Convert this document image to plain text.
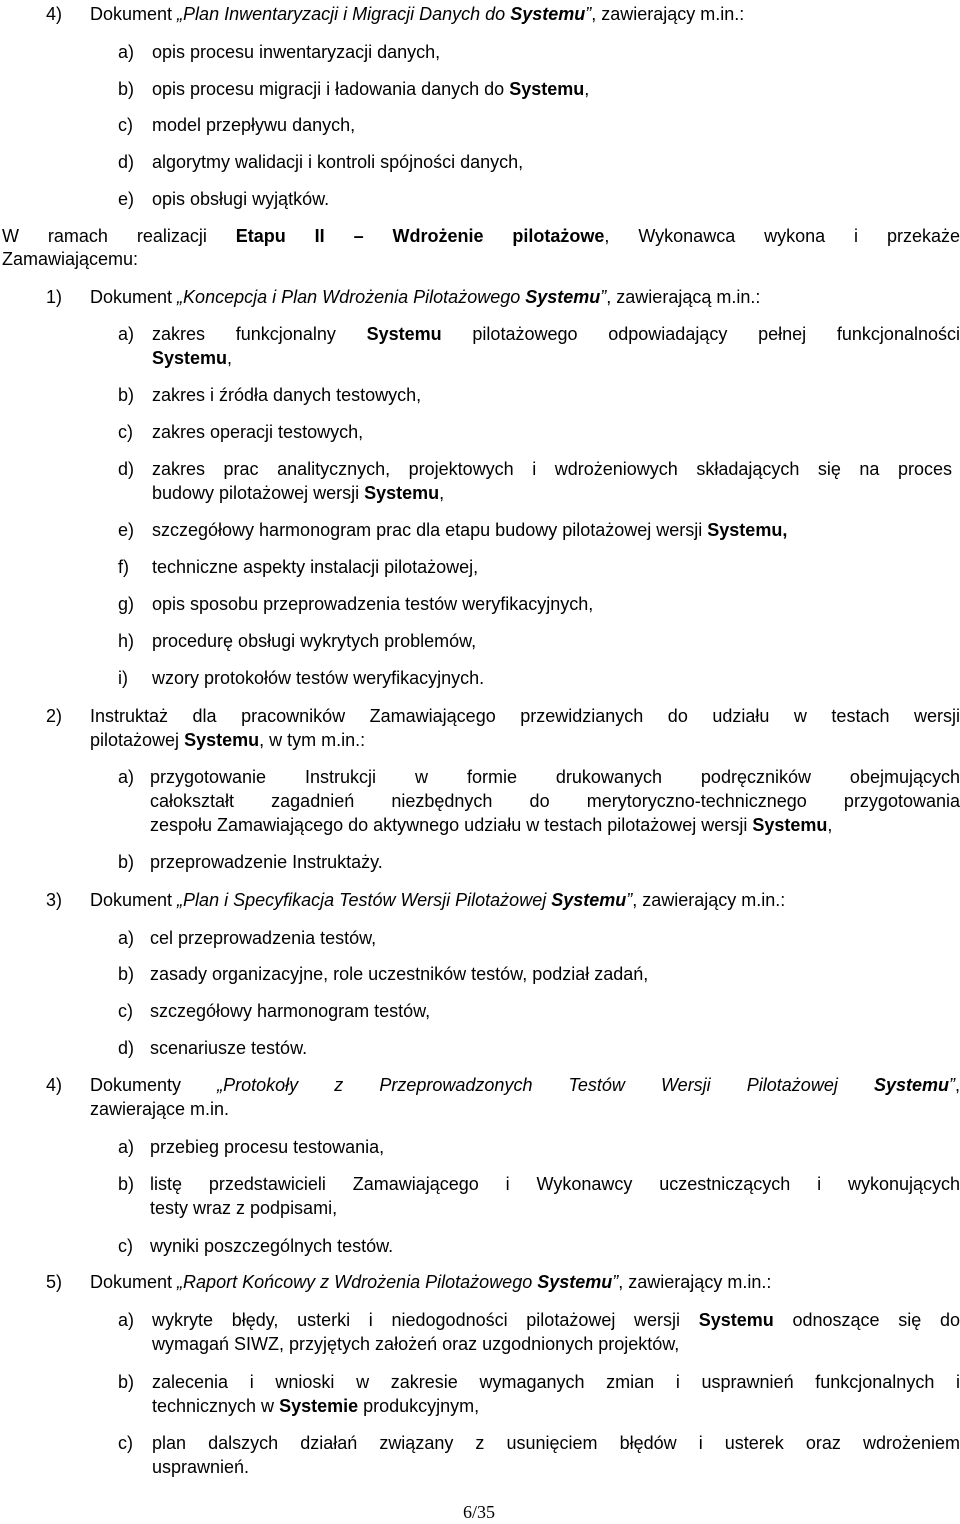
4) Dokument „Plan Inwentaryzacji i Migracji Danych do Systemu”, zawierający m.in.:
a) opis procesu inwentaryzacji danych,
b) opis procesu migracji i ładowania danych do Systemu,
c) model przepływu danych,
d) algorytmy walidacji i kontroli spójności danych,
e) opis obsługi wyjątków.
W ramach realizacji Etapu II – Wdrożenie pilotażowe, Wykonawca wykona i przekaże
Zamawiającemu:
1) Dokument „Koncepcja i Plan Wdrożenia Pilotażowego Systemu”, zawierającą m.in.:
a) zakres funkcjonalny Systemu pilotażowego odpowiadający pełnej funkcjonalności
Systemu,
b) zakres i źródła danych testowych,
c) zakres operacji testowych,
d) zakres prac analitycznych, projektowych i wdrożeniowych składających się na proces
budowy pilotażowej wersji Systemu,
e) szczegółowy harmonogram prac dla etapu budowy pilotażowej wersji Systemu,
f) techniczne aspekty instalacji pilotażowej,
g) opis sposobu przeprowadzenia testów weryfikacyjnych,
h) procedurę obsługi wykrytych problemów,
i) wzory protokołów testów weryfikacyjnych.
2) Instruktaż dla pracowników Zamawiającego przewidzianych do udziału w testach wersji
pilotażowej Systemu, w tym m.in.:
a) przygotowanie Instrukcji w formie drukowanych podręczników obejmujących
całokształt zagadnień niezbędnych do merytoryczno-technicznego przygotowania
zespołu Zamawiającego do aktywnego udziału w testach pilotażowej wersji Systemu,
b) przeprowadzenie Instruktaży.
3) Dokument „Plan i Specyfikacja Testów Wersji Pilotażowej Systemu”, zawierający m.in.:
a) cel przeprowadzenia testów,
b) zasady organizacyjne, role uczestników testów, podział zadań,
c) szczegółowy harmonogram testów,
d) scenariusze testów.
4) Dokumenty „Protokoły z Przeprowadzonych Testów Wersji Pilotażowej Systemu”,
zawierające m.in.
a) przebieg procesu testowania,
b) listę przedstawicieli Zamawiającego i Wykonawcy uczestniczących i wykonujących
testy wraz z podpisami,
c) wyniki poszczególnych testów.
5) Dokument „Raport Końcowy z Wdrożenia Pilotażowego Systemu”, zawierający m.in.:
a) wykryte błędy, usterki i niedogodności pilotażowej wersji Systemu odnoszące się do
wymagań SIWZ, przyjętych założeń oraz uzgodnionych projektów,
b) zalecenia i wnioski w zakresie wymaganych zmian i usprawnień funkcjonalnych i
technicznych w Systemie produkcyjnym,
c) plan dalszych działań związany z usunięciem błędów i usterek oraz wdrożeniem
usprawnień.
6/35
